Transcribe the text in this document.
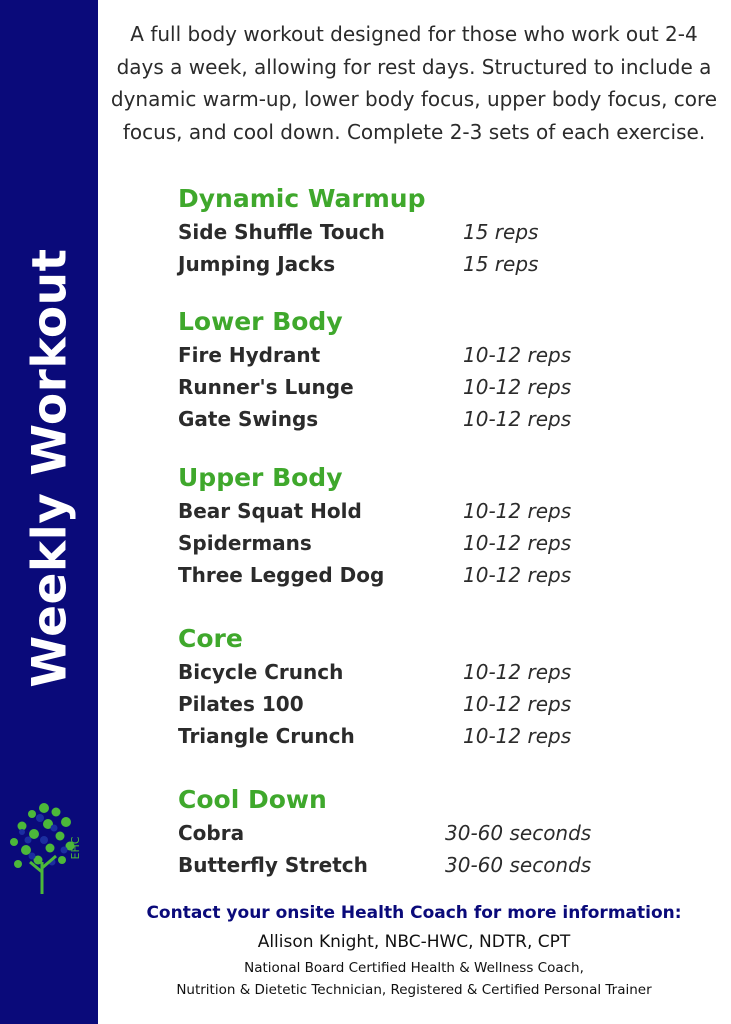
Weekly Workout
EHC
A full body workout designed for those who work out 2-4 days a week, allowing for rest days. Structured to include a dynamic warm-up, lower body focus, upper body focus, core focus, and cool down. Complete 2-3 sets of each exercise.
Dynamic Warmup
Side Shuffle Touch	15 reps
Jumping Jacks	15 reps
Lower Body
Fire Hydrant	10-12 reps
Runner's Lunge	10-12 reps
Gate Swings	10-12 reps
Upper Body
Bear Squat Hold	10-12 reps
Spidermans	10-12 reps
Three Legged Dog	10-12 reps
Core
Bicycle Crunch	10-12 reps
Pilates 100	10-12 reps
Triangle Crunch	10-12 reps
Cool Down
Cobra	30-60 seconds
Butterfly Stretch	30-60 seconds
Contact your onsite Health Coach for more information:
Allison Knight, NBC-HWC, NDTR, CPT
National Board Certified Health & Wellness Coach,
Nutrition & Dietetic Technician, Registered & Certified Personal Trainer
